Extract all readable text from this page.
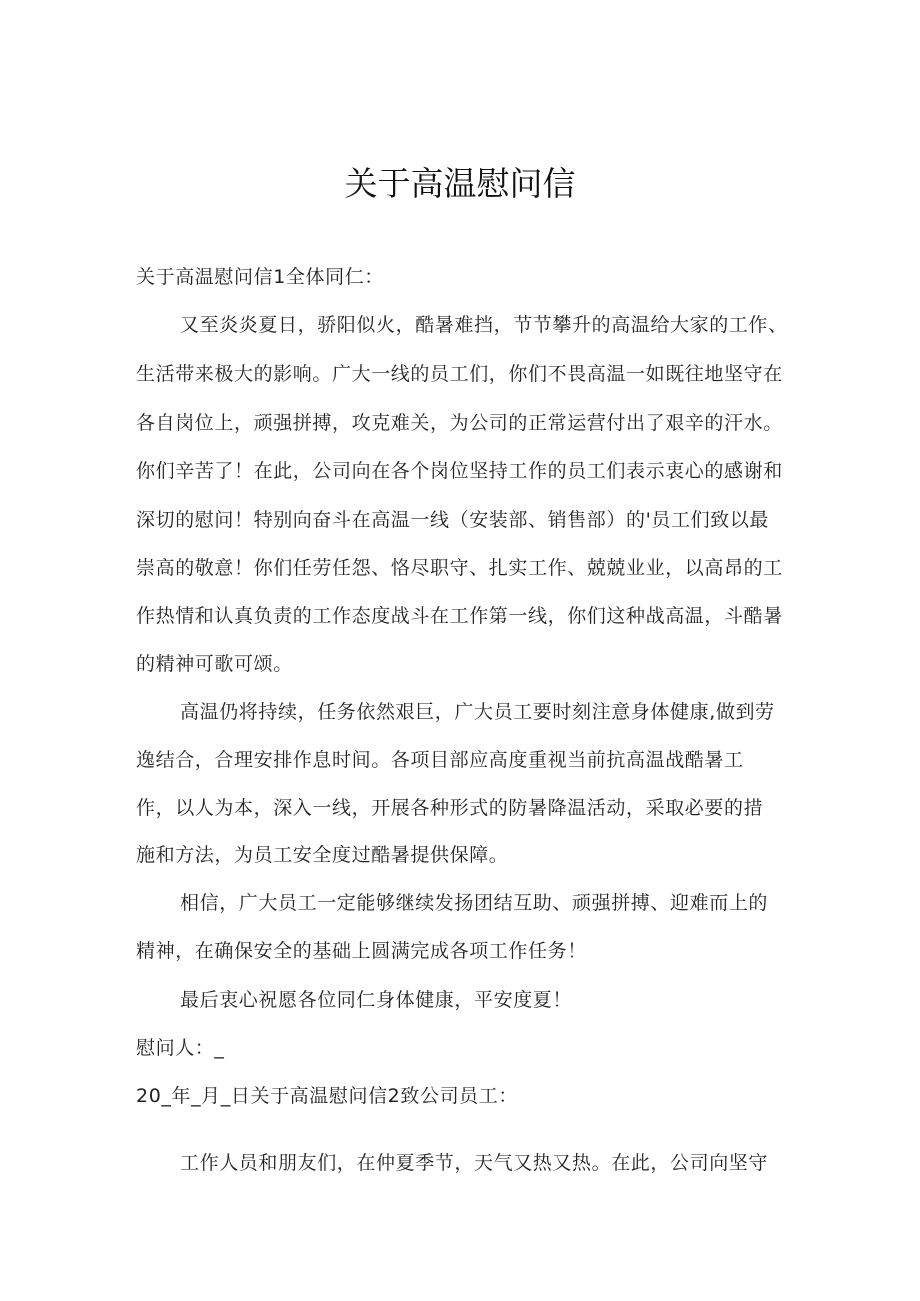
关于高温慰问信

关于高温慰问信1全体同仁：

又至炎炎夏日，骄阳似火，酷暑难挡，节节攀升的高温给大家的工作、

生活带来极大的影响。广大一线的员工们，你们不畏高温一如既往地坚守在

各自岗位上，顽强拼搏，攻克难关，为公司的正常运营付出了艰辛的汗水。

你们辛苦了！在此，公司向在各个岗位坚持工作的员工们表示衷心的感谢和

深切的慰问！特别向奋斗在高温一线（安装部、销售部）的'员工们致以最

崇高的敬意！你们任劳任怨、恪尽职守、扎实工作、兢兢业业，以高昂的工

作热情和认真负责的工作态度战斗在工作第一线，你们这种战高温，斗酷暑

的精神可歌可颂。

高温仍将持续，任务依然艰巨，广大员工要时刻注意身体健康,做到劳

逸结合，合理安排作息时间。各项目部应高度重视当前抗高温战酷暑工

作，以人为本，深入一线，开展各种形式的防暑降温活动，采取必要的措

施和方法，为员工安全度过酷暑提供保障。

相信，广大员工一定能够继续发扬团结互助、顽强拼搏、迎难而上的

精神，在确保安全的基础上圆满完成各项工作任务！

最后衷心祝愿各位同仁身体健康，平安度夏！

慰问人：_

20_年_月_日关于高温慰问信2致公司员工：

工作人员和朋友们，在仲夏季节，天气又热又热。在此，公司向坚守
